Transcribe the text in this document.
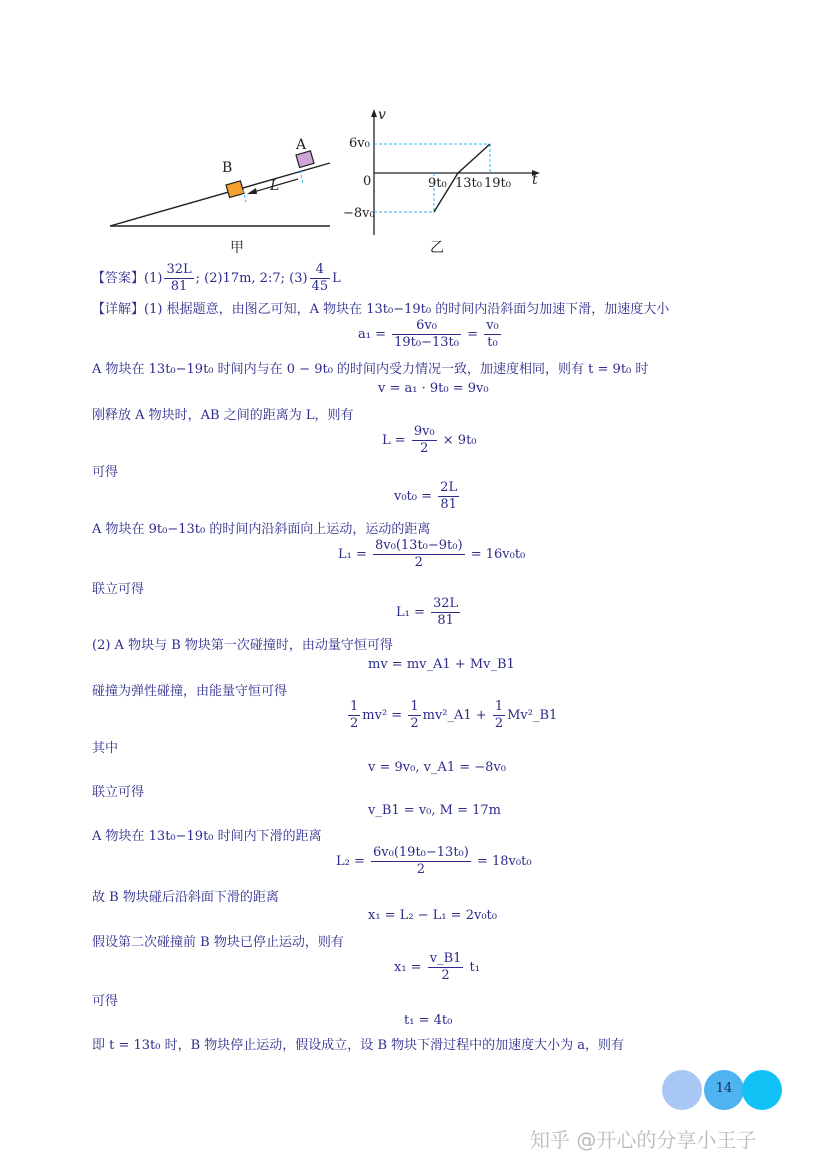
B
A
L
甲
v
t
6v₀
0
−8v₀
9t₀ 13t₀ 19t₀
乙
【答案】$(1) \frac{32L}{81}$ ; (2)17m, 2:7; $(3) \frac{4}{45}$ L
【详解】(1) 根据题意，由图乙可知，A 物块在 13t₀−19t₀ 的时间内沿斜面匀加速下滑，加速度大小
$a_1 = \frac{\text{6v₀}}{\text{19t₀−13t₀}} = \frac{\text{v₀}}{\text{t₀}}$
A 物块在 13t₀−19t₀ 时间内与在 0 − 9t₀ 的时间内受力情况一致，加速度相同，则有 t = 9t₀ 时
v = a₁ · 9t₀ = 9v₀
刚释放 A 物块时，AB 之间的距离为 L，则有
$L = \frac{\text{9v₀}}{2} \times 9t_0$
可得
$v_0t_0 = \frac{2L}{81}$
A 物块在 9t₀−13t₀ 的时间内沿斜面向上运动，运动的距离
$L_1 = \frac{\text{8v₀(13t₀−9t₀)}}{2} = 16v_0t_0$
联立可得
$L_1 = \frac{32L}{81}$
(2) A 物块与 B 物块第一次碰撞时，由动量守恒可得
mv = mv_A1 + Mv_B1
碰撞为弹性碰撞，由能量守恒可得
$\frac{1}{2} mv^2 = \frac{1}{2}$ mv²_A1 + $\frac{1}{2}$ Mv²_B1
其中
v = 9v₀, v_A1 = −8v₀
联立可得
v_B1 = v₀, M = 17m
A 物块在 13t₀−19t₀ 时间内下滑的距离
$L_2 = \frac{\text{6v₀(19t₀−13t₀)}}{2} = 18v_0t_0$
故 B 物块碰后沿斜面下滑的距离
x₁ = L₂ − L₁ = 2v₀t₀
假设第二次碰撞前 B 物块已停止运动，则有
$x_1 = \frac{v\_B1}{2} t_1$
可得
t₁ = 4t₀
即 t = 13t₀ 时，B 物块停止运动，假设成立，设 B 物块下滑过程中的加速度大小为 a，则有
14
知乎 @开心的分享小王子
